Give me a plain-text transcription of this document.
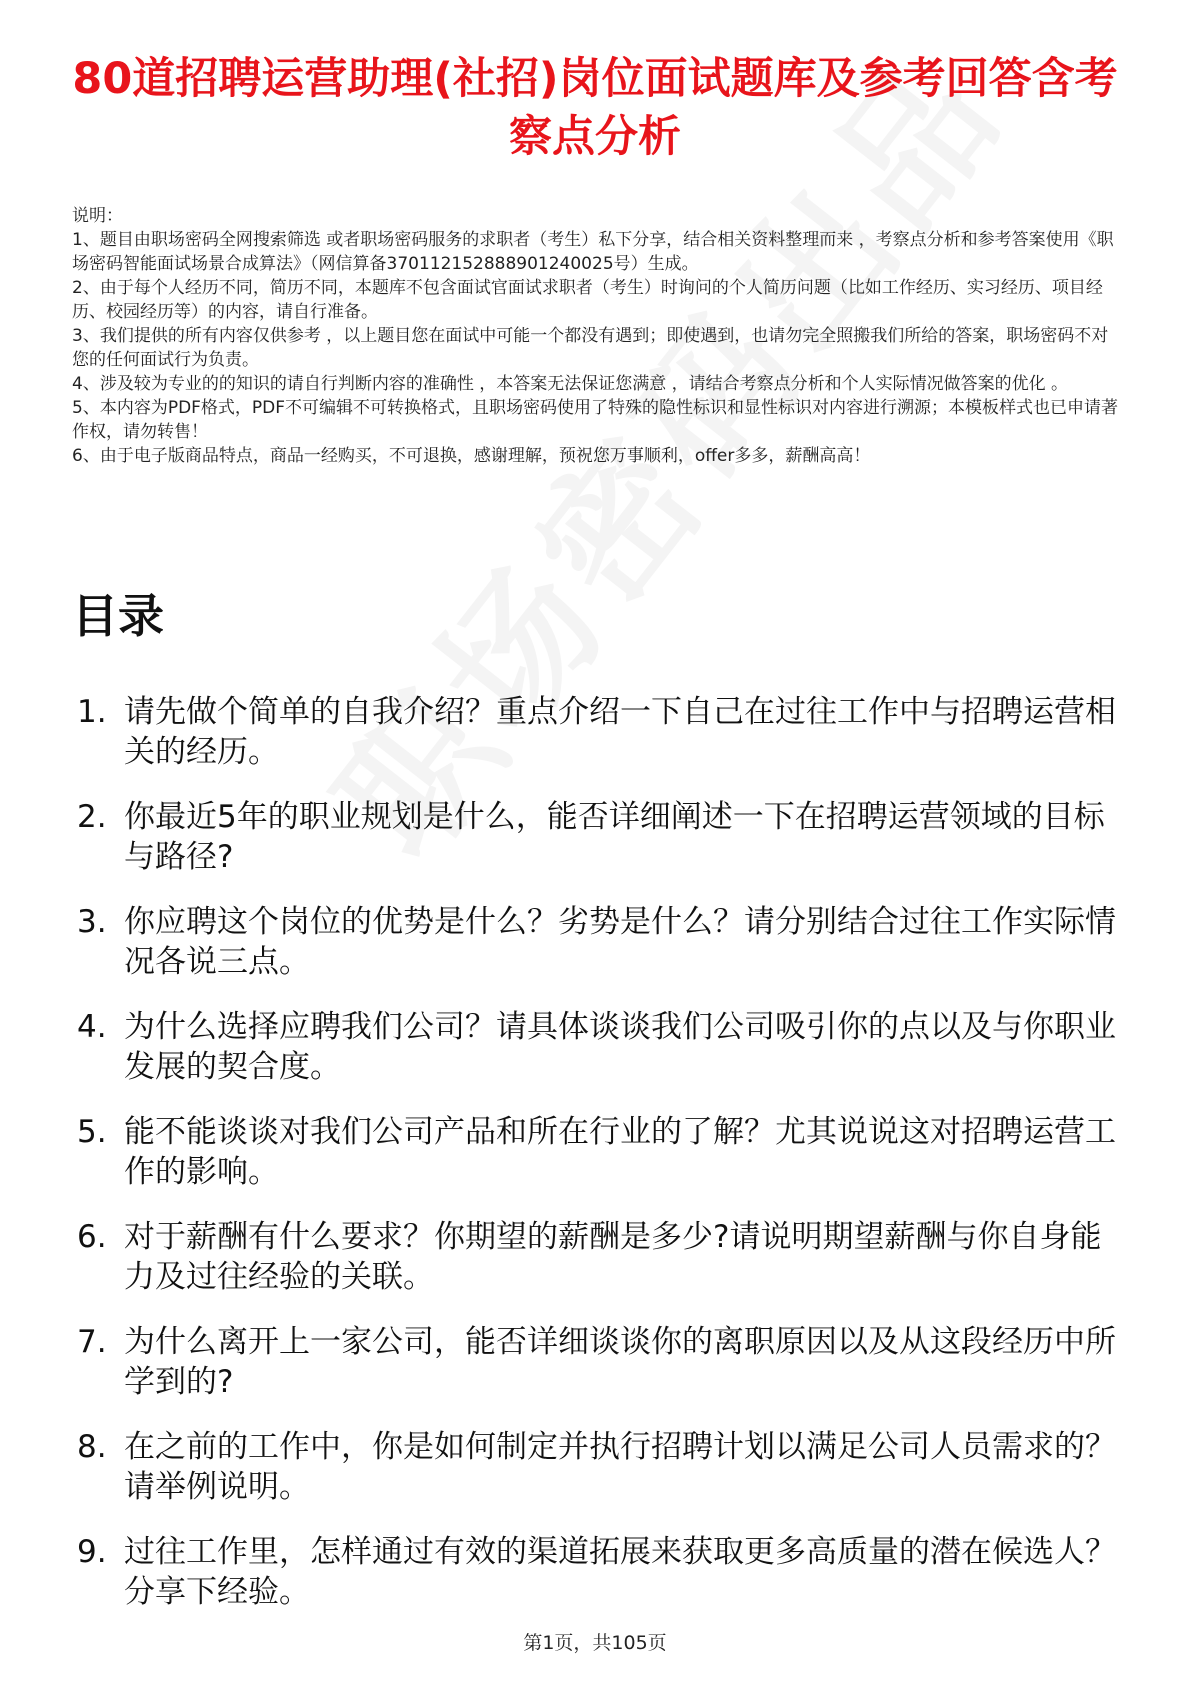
80道招聘运营助理(社招)岗位面试题库及参考回答含考察点分析

说明：

1、题目由职场密码全网搜索筛选 或者职场密码服务的求职者（考生）私下分享，结合相关资料整理而来 ，考察点分析和参考答案使用《职场密码智能面试场景合成算法》（网信算备370112152888901240025号）生成。

2、由于每个人经历不同，简历不同，本题库不包含面试官面试求职者（考生）时询问的个人简历问题（比如工作经历、实习经历、项目经历、校园经历等）的内容，请自行准备。

3、我们提供的所有内容仅供参考 ，以上题目您在面试中可能一个都没有遇到；即使遇到，也请勿完全照搬我们所给的答案，职场密码不对您的任何面试行为负责。

4、涉及较为专业的的知识的请自行判断内容的准确性 ，本答案无法保证您满意 ，请结合考察点分析和个人实际情况做答案的优化 。

5、本内容为PDF格式，PDF不可编辑不可转换格式，且职场密码使用了特殊的隐性标识和显性标识对内容进行溯源；本模板样式也已申请著作权，请勿转售！

6、由于电子版商品特点，商品一经购买，不可退换，感谢理解，预祝您万事顺利，offer多多，薪酬高高！

目录
1. 请先做个简单的自我介绍？重点介绍一下自己在过往工作中与招聘运营相关的经历。
2. 你最近5年的职业规划是什么，能否详细阐述一下在招聘运营领域的目标与路径?
3. 你应聘这个岗位的优势是什么？劣势是什么？请分别结合过往工作实际情况各说三点。
4. 为什么选择应聘我们公司？请具体谈谈我们公司吸引你的点以及与你职业发展的契合度。
5. 能不能谈谈对我们公司产品和所在行业的了解？尤其说说这对招聘运营工作的影响。
6. 对于薪酬有什么要求？你期望的薪酬是多少?请说明期望薪酬与你自身能力及过往经验的关联。
7. 为什么离开上一家公司，能否详细谈谈你的离职原因以及从这段经历中所学到的?
8. 在之前的工作中，你是如何制定并执行招聘计划以满足公司人员需求的？请举例说明。
9. 过往工作里，怎样通过有效的渠道拓展来获取更多高质量的潜在候选人？分享下经验。
第1页，共105页
